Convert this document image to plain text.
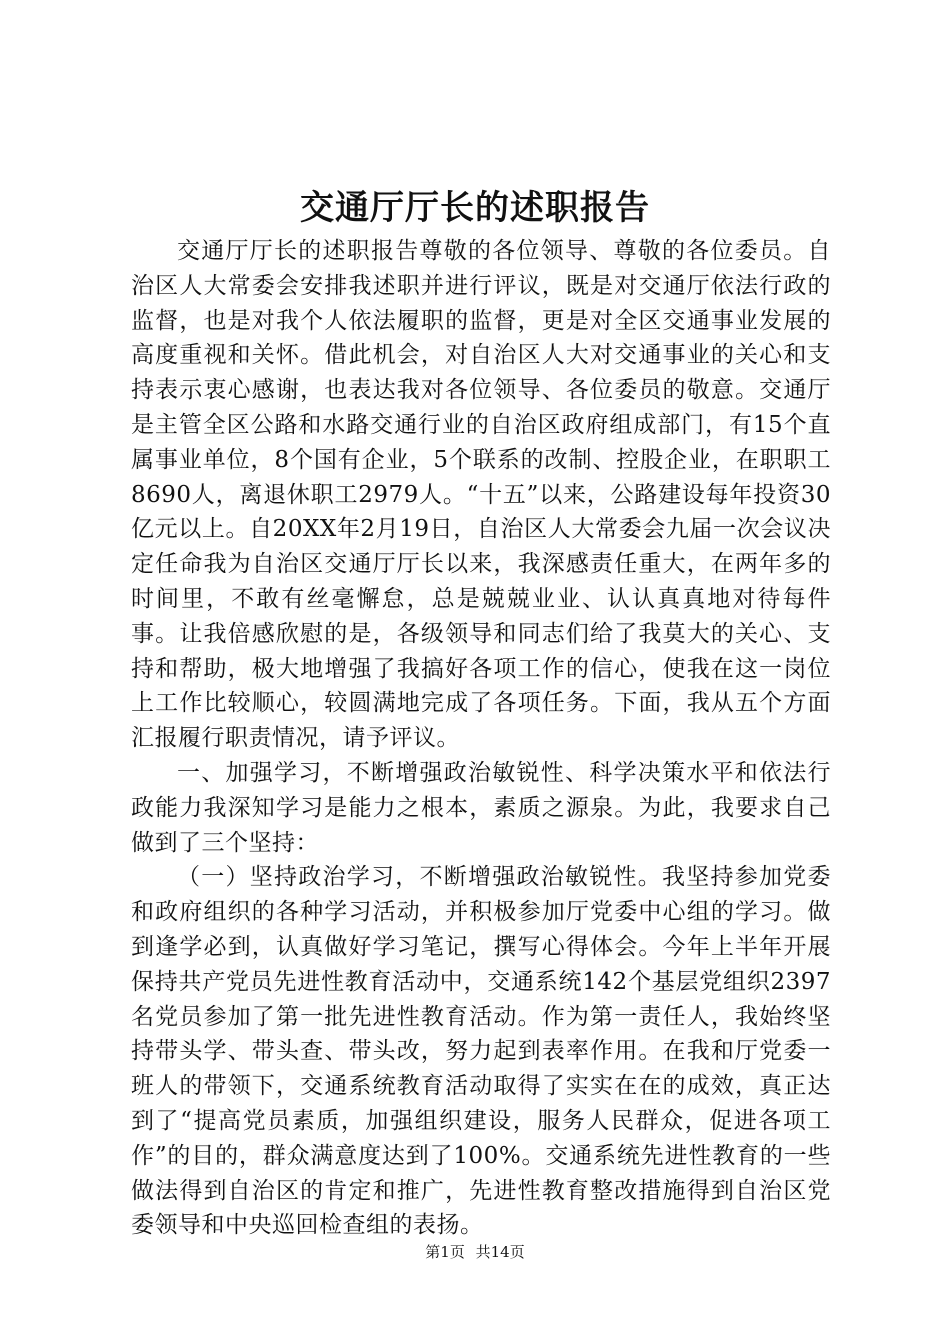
交通厅厅长的述职报告

交通厅厅长的述职报告尊敬的各位领导、尊敬的各位委员。自治区人大常委会安排我述职并进行评议，既是对交通厅依法行政的监督，也是对我个人依法履职的监督，更是对全区交通事业发展的高度重视和关怀。借此机会，对自治区人大对交通事业的关心和支持表示衷心感谢，也表达我对各位领导、各位委员的敬意。交通厅是主管全区公路和水路交通行业的自治区政府组成部门，有15个直属事业单位，8个国有企业，5个联系的改制、控股企业，在职职工8690人，离退休职工2979人。“十五”以来，公路建设每年投资30亿元以上。自20XX年2月19日，自治区人大常委会九届一次会议决定任命我为自治区交通厅厅长以来，我深感责任重大，在两年多的时间里，不敢有丝毫懈怠，总是兢兢业业、认认真真地对待每件事。让我倍感欣慰的是，各级领导和同志们给了我莫大的关心、支持和帮助，极大地增强了我搞好各项工作的信心，使我在这一岗位上工作比较顺心，较圆满地完成了各项任务。下面，我从五个方面汇报履行职责情况，请予评议。

一、加强学习，不断增强政治敏锐性、科学决策水平和依法行政能力我深知学习是能力之根本，素质之源泉。为此，我要求自己做到了三个坚持：

（一）坚持政治学习，不断增强政治敏锐性。我坚持参加党委和政府组织的各种学习活动，并积极参加厅党委中心组的学习。做到逢学必到，认真做好学习笔记，撰写心得体会。今年上半年开展保持共产党员先进性教育活动中，交通系统142个基层党组织2397名党员参加了第一批先进性教育活动。作为第一责任人，我始终坚持带头学、带头查、带头改，努力起到表率作用。在我和厅党委一班人的带领下，交通系统教育活动取得了实实在在的成效，真正达到了“提高党员素质，加强组织建设，服务人民群众，促进各项工作”的目的，群众满意度达到了100%。交通系统先进性教育的一些做法得到自治区的肯定和推广，先进性教育整改措施得到自治区党委领导和中央巡回检查组的表扬。

第1页 共14页
